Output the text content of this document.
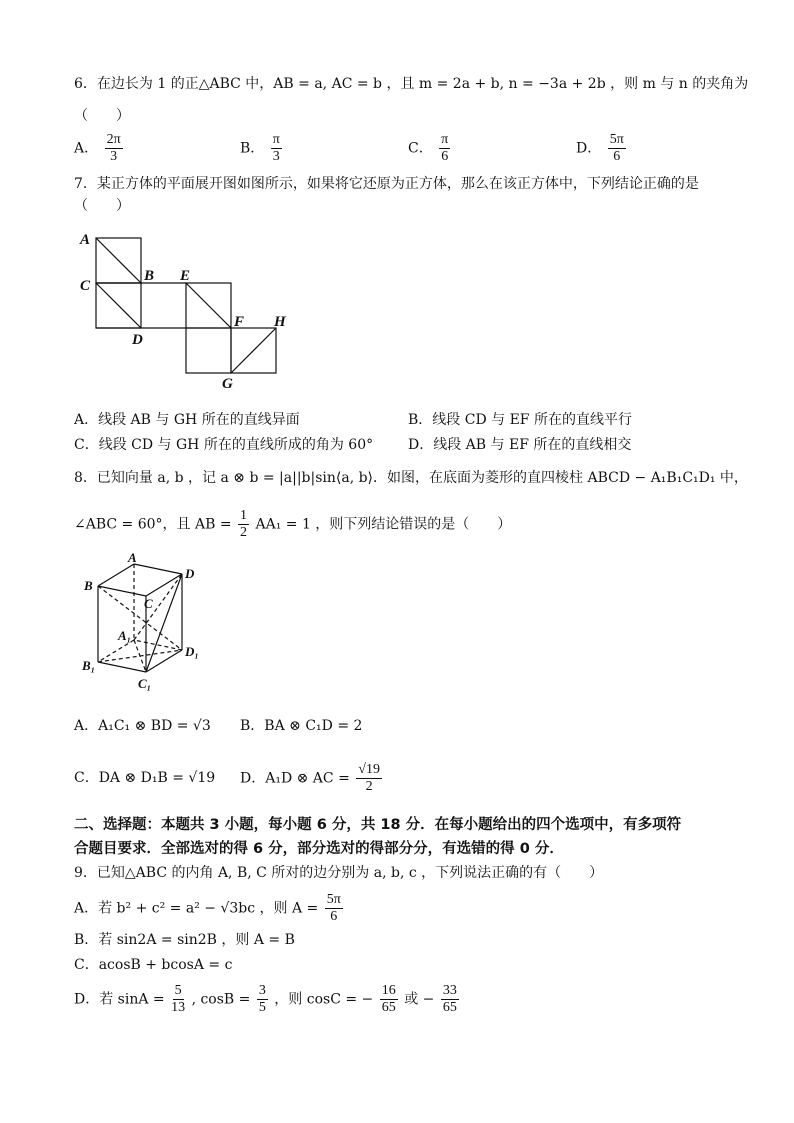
6．在边长为 1 的正△ABC 中，AB = a, AC = b ，且 m = 2a + b, n = −3a + 2b ，则 m 与 n 的夹角为
（　　）
A． $\frac{2\pi}{3}$	B． $\frac{\pi}{3}$	C． $\frac{\pi}{6}$	D． $\frac{5\pi}{6}$
7．某正方体的平面展开图如图所示，如果将它还原为正方体，那么在该正方体中，下列结论正确的是
（　　）
A
B
C
D
E
F
G
H
A．线段 AB 与 GH 所在的直线异面	B．线段 CD 与 EF 所在的直线平行
C．线段 CD 与 GH 所在的直线所成的角为 60° D．线段 AB 与 EF 所在的直线相交
8．已知向量 a, b ，记 a ⊗ b = |a||b|sin⟨a, b⟩．如图，在底面为菱形的直四棱柱 ABCD − A₁B₁C₁D₁ 中，
∠ABC = 60°，且 AB = $\frac{1}{2} AA_1 = 1$ ，则下列结论错误的是（　　）
A
B
C
D
A₁
B₁
C₁
D₁
A．A₁C₁ ⊗ BD = √3 B．BA ⊗ C₁D = 2
C．DA ⊗ D₁B = √19 D．A₁D ⊗ AC = $\frac{√19}{2}$
二、选择题：本题共 3 小题，每小题 6 分，共 18 分．在每小题给出的四个选项中，有多项符
合题目要求．全部选对的得 6 分，部分选对的得部分分，有选错的得 0 分．
9．已知△ABC 的内角 A, B, C 所对的边分别为 a, b, c ，下列说法正确的有（　　）
A．若 b² + c² = a² − √3bc ，则 $A = \frac{5\pi}{6}$
B．若 sin2A = sin2B ，则 A = B
C．acosB + bcosA = c
D．若 $\sin A = \frac{5}{13}$ , $\cos B = \frac{3}{5}$ ，则 cosC = − $\frac{16}{65}$ 或 − $\frac{33}{65}$
